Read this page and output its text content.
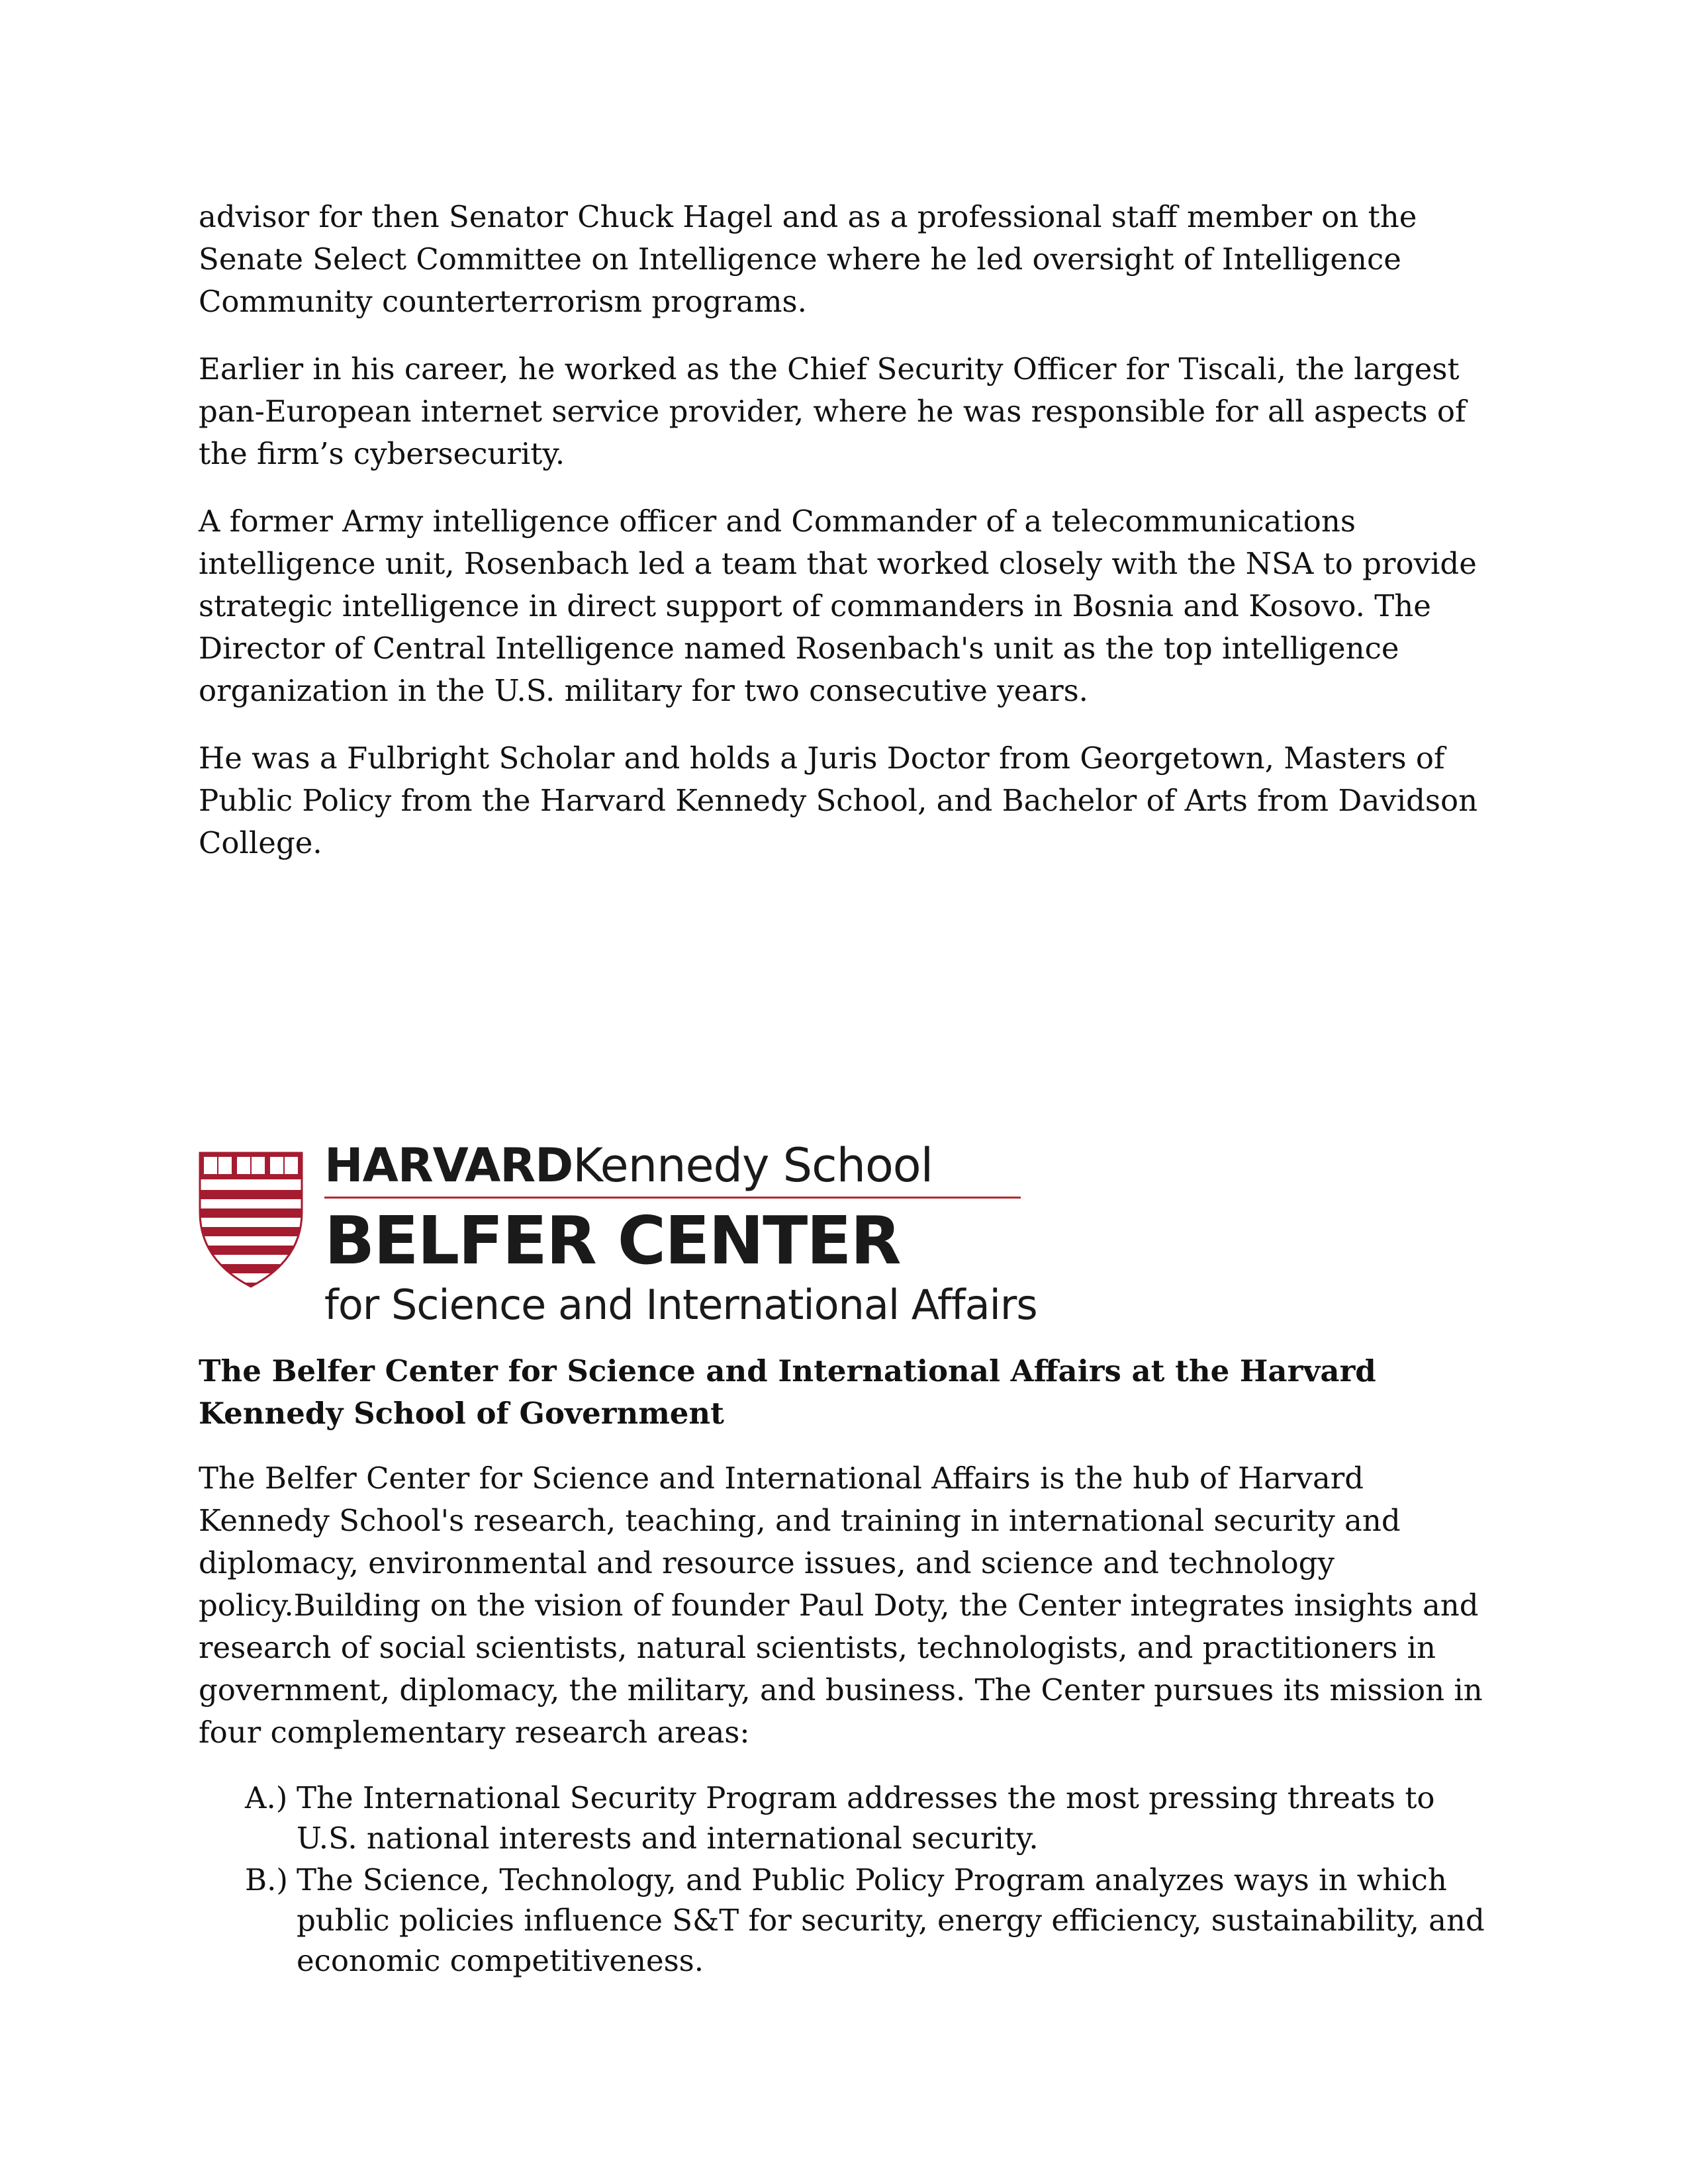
advisor for then Senator Chuck Hagel and as a professional staff member on the Senate Select Committee on Intelligence where he led oversight of Intelligence Community counterterrorism programs.

Earlier in his career, he worked as the Chief Security Officer for Tiscali, the largest pan-European internet service provider, where he was responsible for all aspects of the firm’s cybersecurity.

A former Army intelligence officer and Commander of a telecommunications intelligence unit, Rosenbach led a team that worked closely with the NSA to provide strategic intelligence in direct support of commanders in Bosnia and Kosovo. The Director of Central Intelligence named Rosenbach's unit as the top intelligence organization in the U.S. military for two consecutive years.

He was a Fulbright Scholar and holds a Juris Doctor from Georgetown, Masters of Public Policy from the Harvard Kennedy School, and Bachelor of Arts from Davidson College.

HARVARDKennedy School
BELFER CENTER
for Science and International Affairs
The Belfer Center for Science and International Affairs at the Harvard Kennedy School of Government

The Belfer Center for Science and International Affairs is the hub of Harvard Kennedy School's research, teaching, and training in international security and diplomacy, environmental and resource issues, and science and technology policy.Building on the vision of founder Paul Doty, the Center integrates insights and research of social scientists, natural scientists, technologists, and practitioners in government, diplomacy, the military, and business. The Center pursues its mission in four complementary research areas:

A.) The International Security Program addresses the most pressing threats to U.S. national interests and international security.
B.) The Science, Technology, and Public Policy Program analyzes ways in which public policies influence S&T for security, energy efficiency, sustainability, and economic competitiveness.
